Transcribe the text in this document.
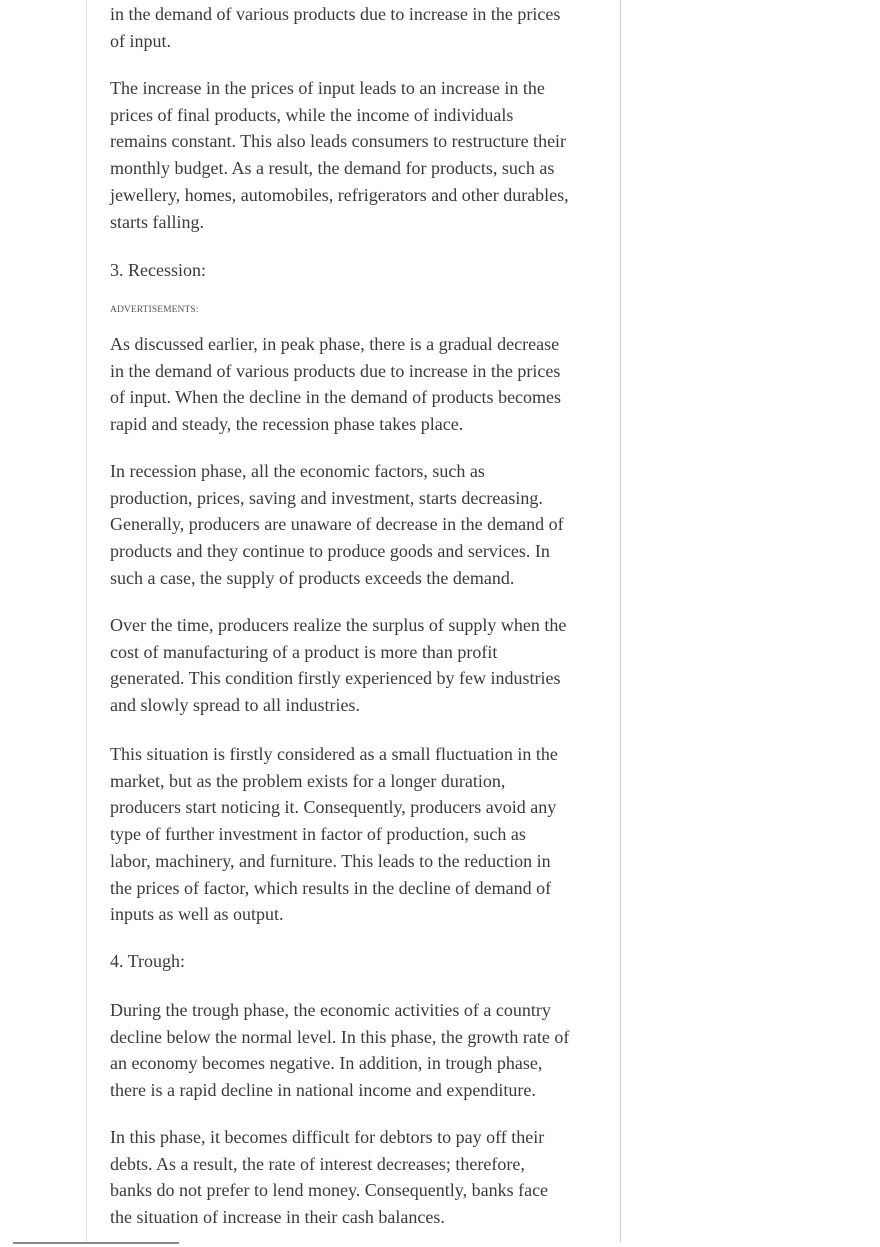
in the demand of various products due to increase in the prices of input.

The increase in the prices of input leads to an increase in the prices of final products, while the income of individuals remains constant. This also leads consumers to restructure their monthly budget. As a result, the demand for products, such as jewellery, homes, automobiles, refrigerators and other durables, starts falling.

3. Recession:
ADVERTISEMENTS:

As discussed earlier, in peak phase, there is a gradual decrease in the demand of various products due to increase in the prices of input. When the decline in the demand of products becomes rapid and steady, the recession phase takes place.

In recession phase, all the economic factors, such as production, prices, saving and investment, starts decreasing. Generally, producers are unaware of decrease in the demand of products and they continue to produce goods and services. In such a case, the supply of products exceeds the demand.

Over the time, producers realize the surplus of supply when the cost of manufacturing of a product is more than profit generated. This condition firstly experienced by few industries and slowly spread to all industries.

This situation is firstly considered as a small fluctuation in the market, but as the problem exists for a longer duration, producers start noticing it. Consequently, producers avoid any type of further investment in factor of production, such as labor, machinery, and furniture. This leads to the reduction in the prices of factor, which results in the decline of demand of inputs as well as output.

4. Trough:

During the trough phase, the economic activities of a country decline below the normal level. In this phase, the growth rate of an economy becomes negative. In addition, in trough phase, there is a rapid decline in national income and expenditure.

In this phase, it becomes difficult for debtors to pay off their debts. As a result, the rate of interest decreases; therefore, banks do not prefer to lend money. Consequently, banks face the situation of increase in their cash balances.
